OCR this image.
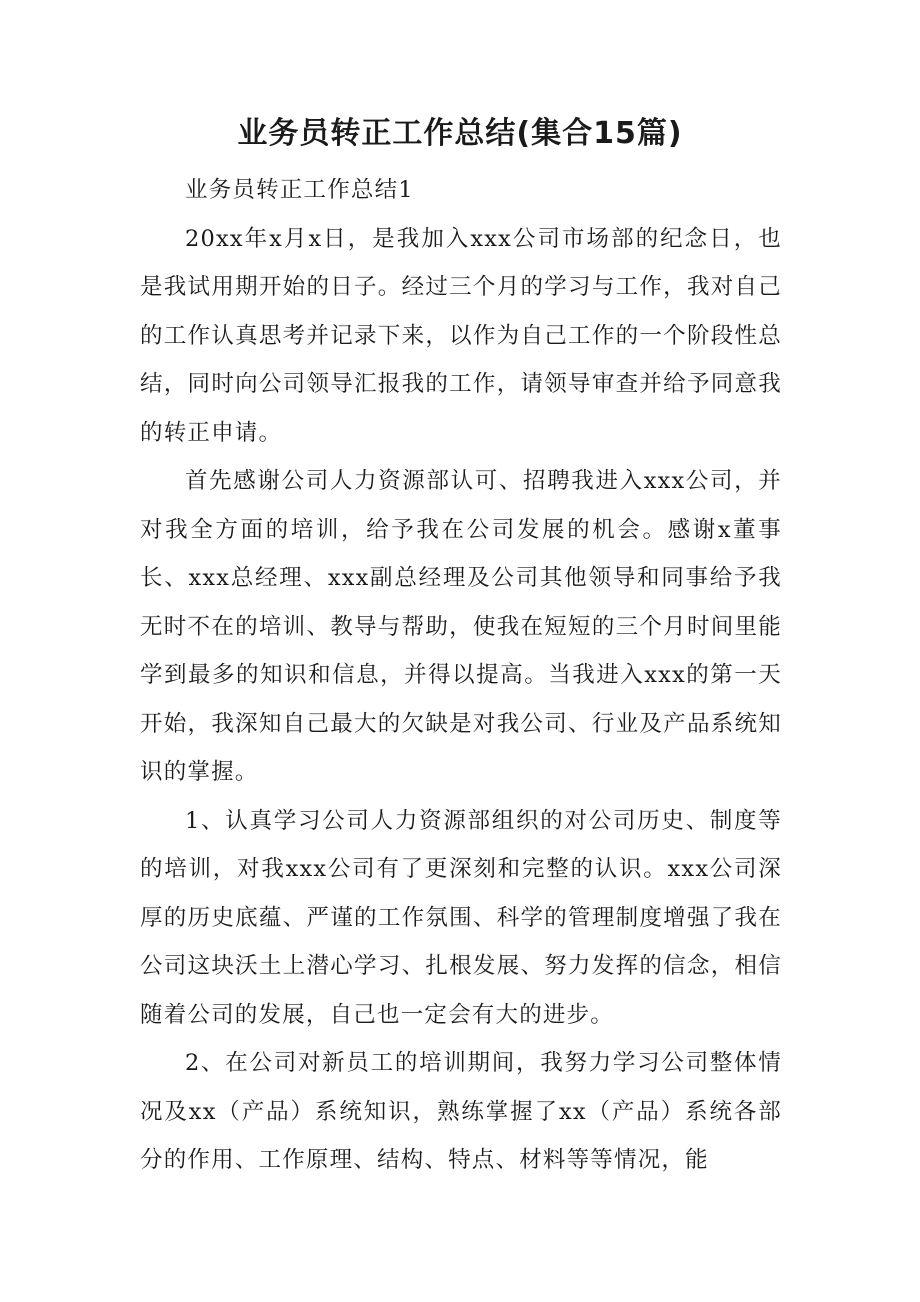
业务员转正工作总结(集合15篇)

业务员转正工作总结1

20xx年x月x日，是我加入xxx公司市场部的纪念日，也是我试用期开始的日子。经过三个月的学习与工作，我对自己的工作认真思考并记录下来，以作为自己工作的一个阶段性总结，同时向公司领导汇报我的工作，请领导审查并给予同意我的转正申请。

首先感谢公司人力资源部认可、招聘我进入xxx公司，并对我全方面的培训，给予我在公司发展的机会。感谢x董事长、xxx总经理、xxx副总经理及公司其他领导和同事给予我无时不在的培训、教导与帮助，使我在短短的三个月时间里能学到最多的知识和信息，并得以提高。当我进入xxx的第一天开始，我深知自己最大的欠缺是对我公司、行业及产品系统知识的掌握。

1、认真学习公司人力资源部组织的对公司历史、制度等的培训，对我xxx公司有了更深刻和完整的认识。xxx公司深厚的历史底蕴、严谨的工作氛围、科学的管理制度增强了我在公司这块沃土上潜心学习、扎根发展、努力发挥的信念，相信随着公司的发展，自己也一定会有大的进步。

2、在公司对新员工的培训期间，我努力学习公司整体情况及xx（产品）系统知识，熟练掌握了xx（产品）系统各部分的作用、工作原理、结构、特点、材料等等情况，能
